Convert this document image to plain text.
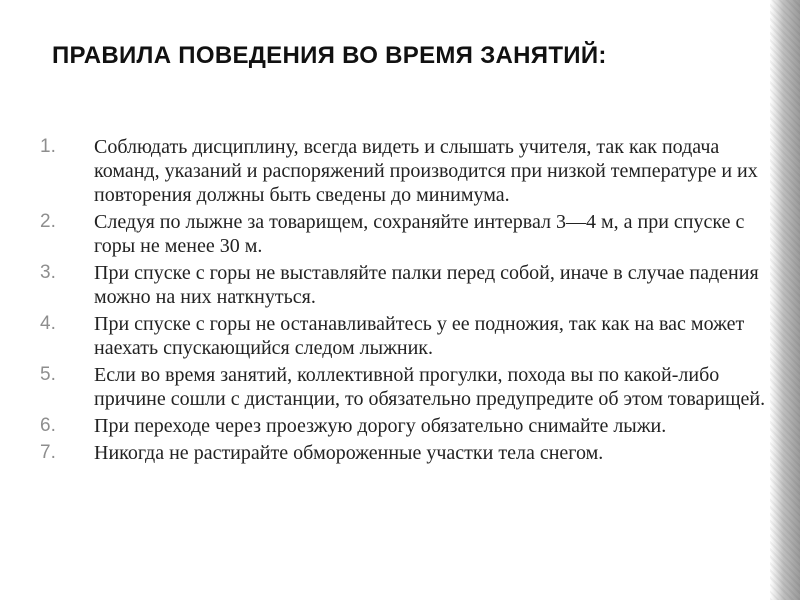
ПРАВИЛА ПОВЕДЕНИЯ ВО ВРЕМЯ ЗАНЯТИЙ:
1.	Соблюдать дисциплину, всегда видеть и слышать учителя, так как подача команд, указаний и распоряжений производится при низкой температуре и их повторения должны быть сведены до минимума.
2.	Следуя по лыжне за товарищем, сохраняйте интервал 3—4 м, а при спуске с горы не менее 30 м.
3.	При спуске с горы не выставляйте палки перед собой, иначе в случае падения можно на них наткнуться.
4.	При спуске с горы не останавливайтесь у ее подножия, так как на вас может наехать спускающийся следом лыжник.
5.	Если во время занятий, коллективной прогулки, похода вы по какой-либо причине сошли с дистанции, то обязательно предупредите об этом товарищей.
6.	При переходе через проезжую дорогу обязательно снимайте лыжи.
7.	Никогда не растирайте обмороженные участки тела снегом.
